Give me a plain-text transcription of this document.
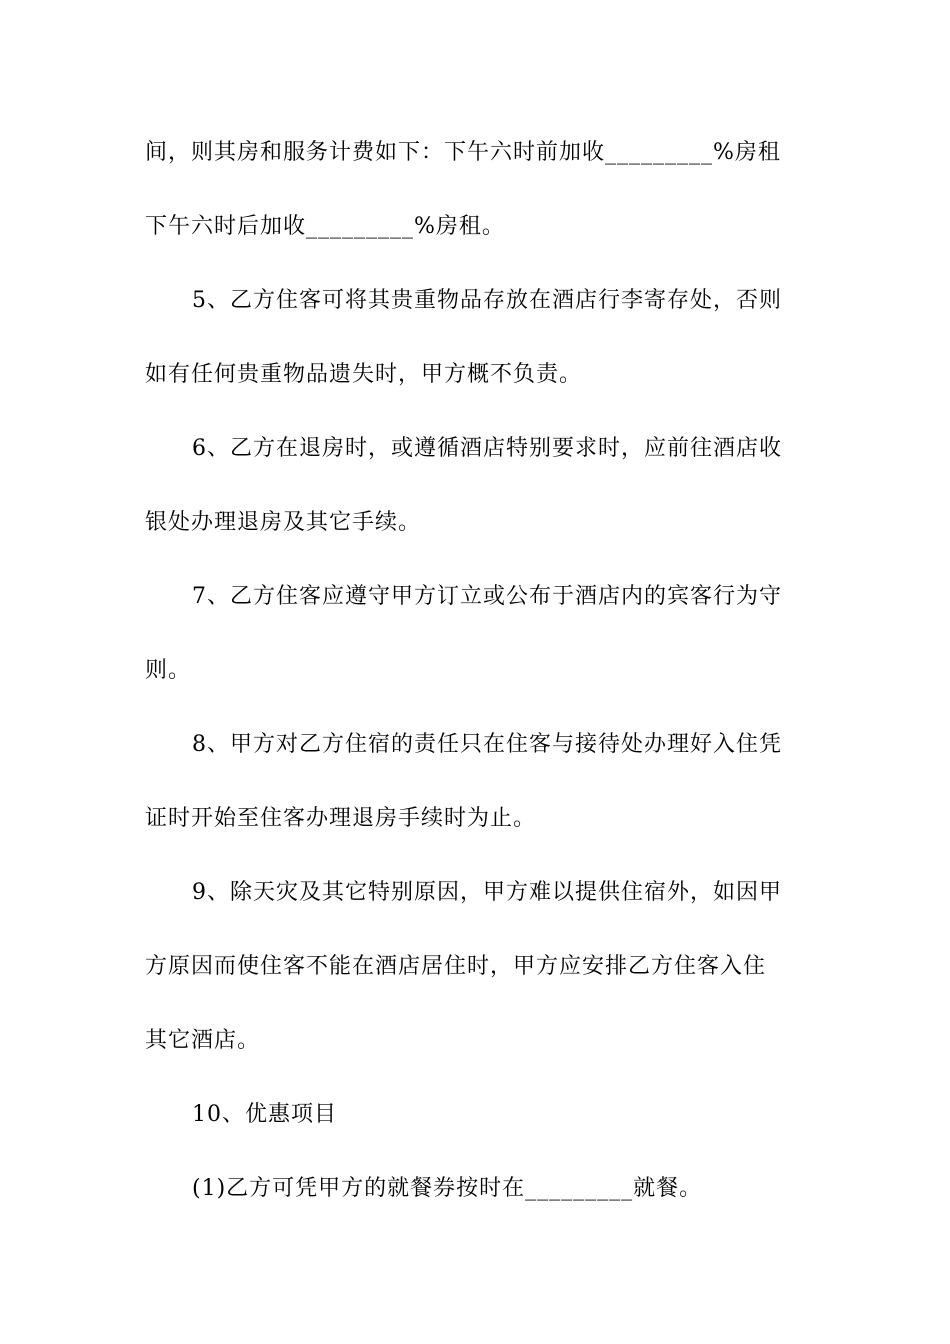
间，则其房和服务计费如下：下午六时前加收_________%房租
下午六时后加收_________%房租。
5、乙方住客可将其贵重物品存放在酒店行李寄存处，否则
如有任何贵重物品遗失时，甲方概不负责。
6、乙方在退房时，或遵循酒店特别要求时，应前往酒店收
银处办理退房及其它手续。
7、乙方住客应遵守甲方订立或公布于酒店内的宾客行为守
则。
8、甲方对乙方住宿的责任只在住客与接待处办理好入住凭
证时开始至住客办理退房手续时为止。
9、除天灾及其它特别原因，甲方难以提供住宿外，如因甲
方原因而使住客不能在酒店居住时，甲方应安排乙方住客入住
其它酒店。
10、优惠项目
(1)乙方可凭甲方的就餐券按时在_________就餐。
